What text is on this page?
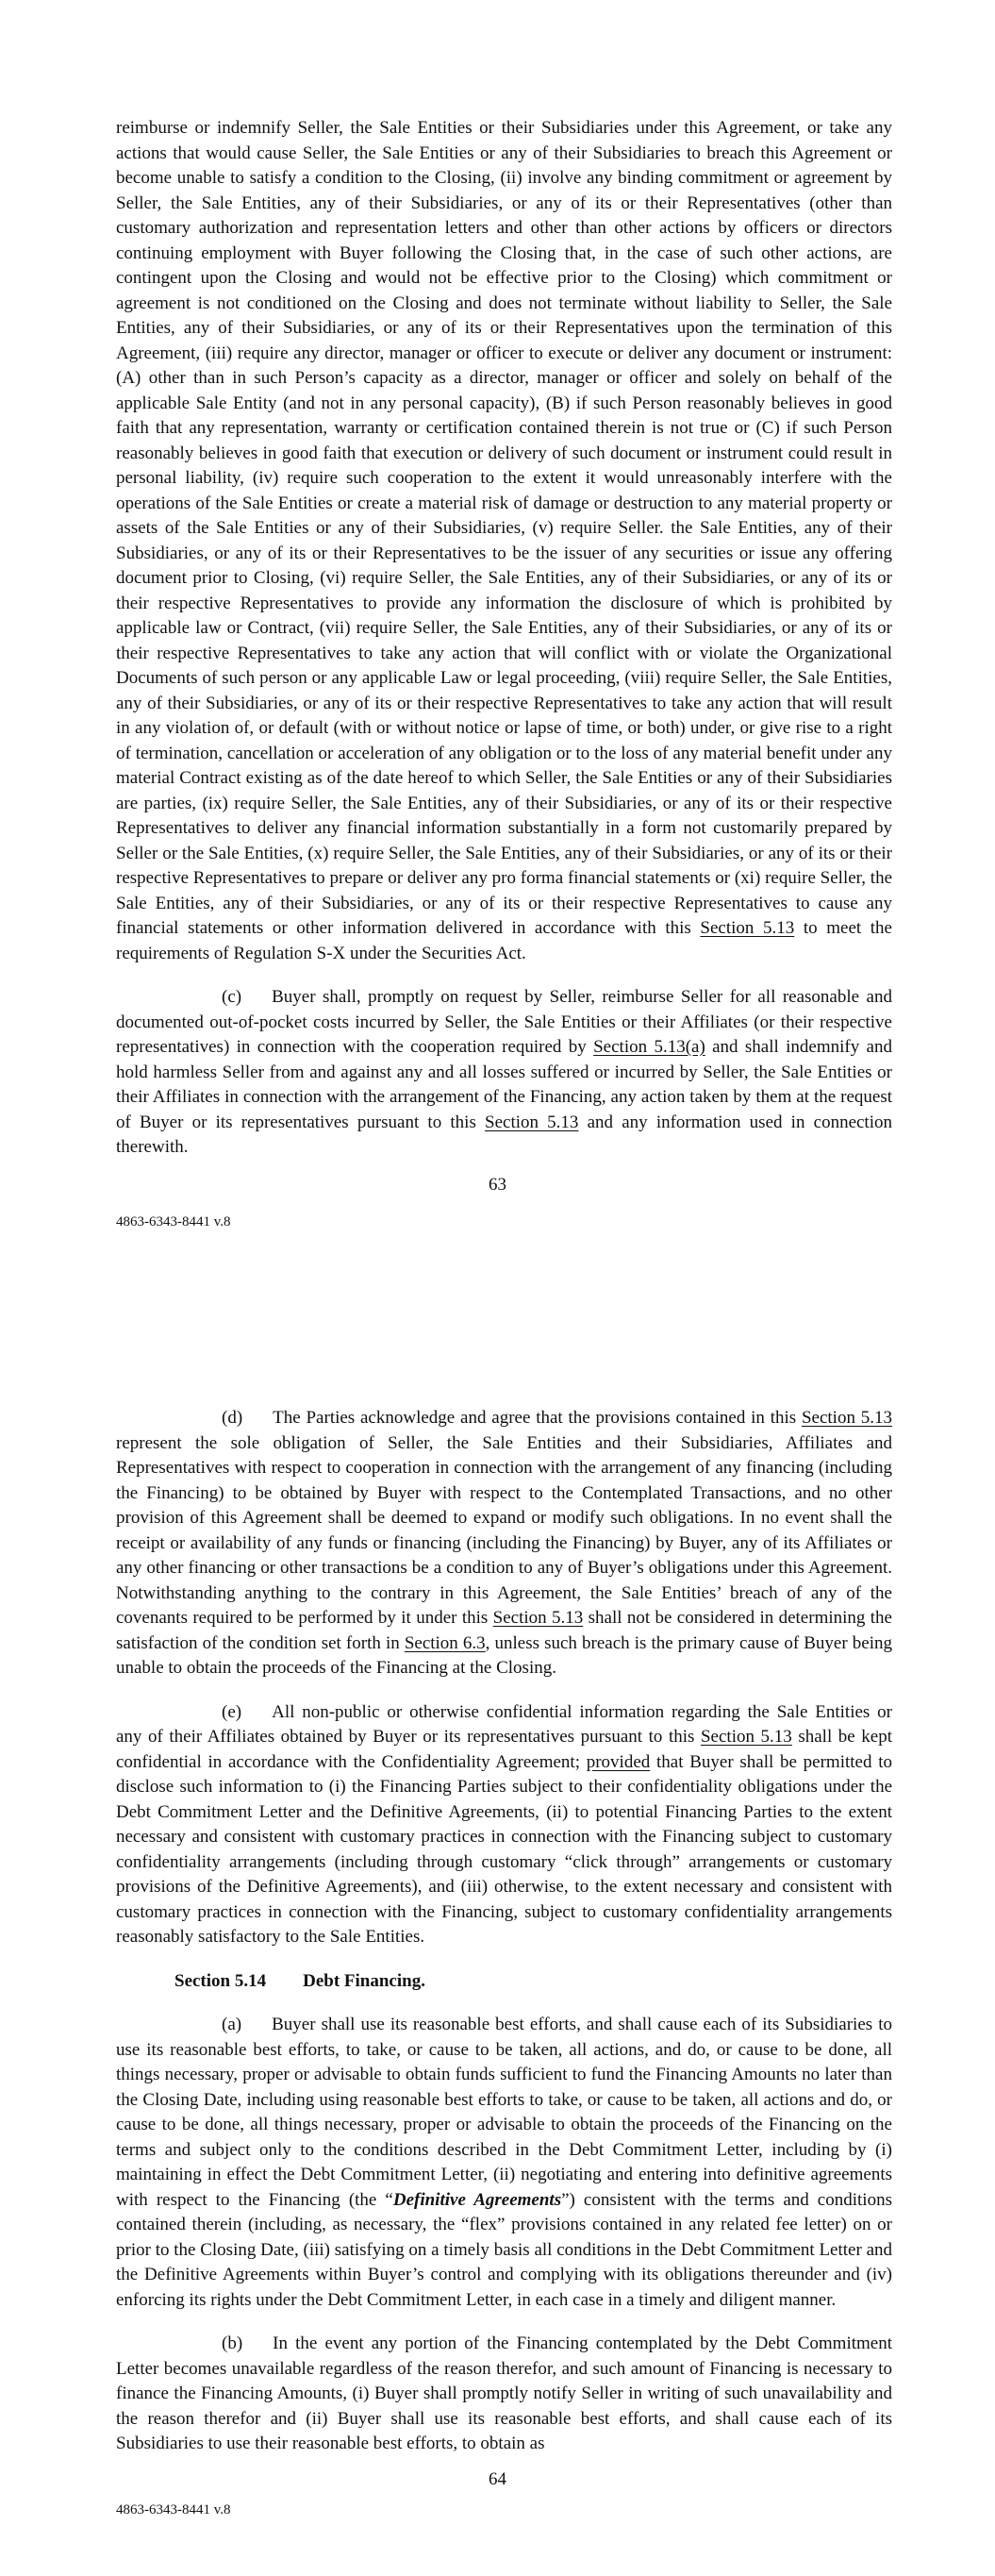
reimburse or indemnify Seller, the Sale Entities or their Subsidiaries under this Agreement, or take any actions that would cause Seller, the Sale Entities or any of their Subsidiaries to breach this Agreement or become unable to satisfy a condition to the Closing, (ii) involve any binding commitment or agreement by Seller, the Sale Entities, any of their Subsidiaries, or any of its or their Representatives (other than customary authorization and representation letters and other than other actions by officers or directors continuing employment with Buyer following the Closing that, in the case of such other actions, are contingent upon the Closing and would not be effective prior to the Closing) which commitment or agreement is not conditioned on the Closing and does not terminate without liability to Seller, the Sale Entities, any of their Subsidiaries, or any of its or their Representatives upon the termination of this Agreement, (iii) require any director, manager or officer to execute or deliver any document or instrument: (A) other than in such Person’s capacity as a director, manager or officer and solely on behalf of the applicable Sale Entity (and not in any personal capacity), (B) if such Person reasonably believes in good faith that any representation, warranty or certification contained therein is not true or (C) if such Person reasonably believes in good faith that execution or delivery of such document or instrument could result in personal liability, (iv) require such cooperation to the extent it would unreasonably interfere with the operations of the Sale Entities or create a material risk of damage or destruction to any material property or assets of the Sale Entities or any of their Subsidiaries, (v) require Seller. the Sale Entities, any of their Subsidiaries, or any of its or their Representatives to be the issuer of any securities or issue any offering document prior to Closing, (vi) require Seller, the Sale Entities, any of their Subsidiaries, or any of its or their respective Representatives to provide any information the disclosure of which is prohibited by applicable law or Contract, (vii) require Seller, the Sale Entities, any of their Subsidiaries, or any of its or their respective Representatives to take any action that will conflict with or violate the Organizational Documents of such person or any applicable Law or legal proceeding, (viii) require Seller, the Sale Entities, any of their Subsidiaries, or any of its or their respective Representatives to take any action that will result in any violation of, or default (with or without notice or lapse of time, or both) under, or give rise to a right of termination, cancellation or acceleration of any obligation or to the loss of any material benefit under any material Contract existing as of the date hereof to which Seller, the Sale Entities or any of their Subsidiaries are parties, (ix) require Seller, the Sale Entities, any of their Subsidiaries, or any of its or their respective Representatives to deliver any financial information substantially in a form not customarily prepared by Seller or the Sale Entities, (x) require Seller, the Sale Entities, any of their Subsidiaries, or any of its or their respective Representatives to prepare or deliver any pro forma financial statements or (xi) require Seller, the Sale Entities, any of their Subsidiaries, or any of its or their respective Representatives to cause any financial statements or other information delivered in accordance with this Section 5.13 to meet the requirements of Regulation S-X under the Securities Act.

(c) Buyer shall, promptly on request by Seller, reimburse Seller for all reasonable and documented out-of-pocket costs incurred by Seller, the Sale Entities or their Affiliates (or their respective representatives) in connection with the cooperation required by Section 5.13(a) and shall indemnify and hold harmless Seller from and against any and all losses suffered or incurred by Seller, the Sale Entities or their Affiliates in connection with the arrangement of the Financing, any action taken by them at the request of Buyer or its representatives pursuant to this Section 5.13 and any information used in connection therewith.

63
4863-6343-8441 v.8

(d) The Parties acknowledge and agree that the provisions contained in this Section 5.13 represent the sole obligation of Seller, the Sale Entities and their Subsidiaries, Affiliates and Representatives with respect to cooperation in connection with the arrangement of any financing (including the Financing) to be obtained by Buyer with respect to the Contemplated Transactions, and no other provision of this Agreement shall be deemed to expand or modify such obligations. In no event shall the receipt or availability of any funds or financing (including the Financing) by Buyer, any of its Affiliates or any other financing or other transactions be a condition to any of Buyer’s obligations under this Agreement. Notwithstanding anything to the contrary in this Agreement, the Sale Entities’ breach of any of the covenants required to be performed by it under this Section 5.13 shall not be considered in determining the satisfaction of the condition set forth in Section 6.3, unless such breach is the primary cause of Buyer being unable to obtain the proceeds of the Financing at the Closing.

(e) All non-public or otherwise confidential information regarding the Sale Entities or any of their Affiliates obtained by Buyer or its representatives pursuant to this Section 5.13 shall be kept confidential in accordance with the Confidentiality Agreement; provided that Buyer shall be permitted to disclose such information to (i) the Financing Parties subject to their confidentiality obligations under the Debt Commitment Letter and the Definitive Agreements, (ii) to potential Financing Parties to the extent necessary and consistent with customary practices in connection with the Financing subject to customary confidentiality arrangements (including through customary “click through” arrangements or customary provisions of the Definitive Agreements), and (iii) otherwise, to the extent necessary and consistent with customary practices in connection with the Financing, subject to customary confidentiality arrangements reasonably satisfactory to the Sale Entities.

Section 5.14 Debt Financing.

(a) Buyer shall use its reasonable best efforts, and shall cause each of its Subsidiaries to use its reasonable best efforts, to take, or cause to be taken, all actions, and do, or cause to be done, all things necessary, proper or advisable to obtain funds sufficient to fund the Financing Amounts no later than the Closing Date, including using reasonable best efforts to take, or cause to be taken, all actions and do, or cause to be done, all things necessary, proper or advisable to obtain the proceeds of the Financing on the terms and subject only to the conditions described in the Debt Commitment Letter, including by (i) maintaining in effect the Debt Commitment Letter, (ii) negotiating and entering into definitive agreements with respect to the Financing (the “Definitive Agreements”) consistent with the terms and conditions contained therein (including, as necessary, the “flex” provisions contained in any related fee letter) on or prior to the Closing Date, (iii) satisfying on a timely basis all conditions in the Debt Commitment Letter and the Definitive Agreements within Buyer’s control and complying with its obligations thereunder and (iv) enforcing its rights under the Debt Commitment Letter, in each case in a timely and diligent manner.

(b) In the event any portion of the Financing contemplated by the Debt Commitment Letter becomes unavailable regardless of the reason therefor, and such amount of Financing is necessary to finance the Financing Amounts, (i) Buyer shall promptly notify Seller in writing of such unavailability and the reason therefor and (ii) Buyer shall use its reasonable best efforts, and shall cause each of its Subsidiaries to use their reasonable best efforts, to obtain as

64
4863-6343-8441 v.8
